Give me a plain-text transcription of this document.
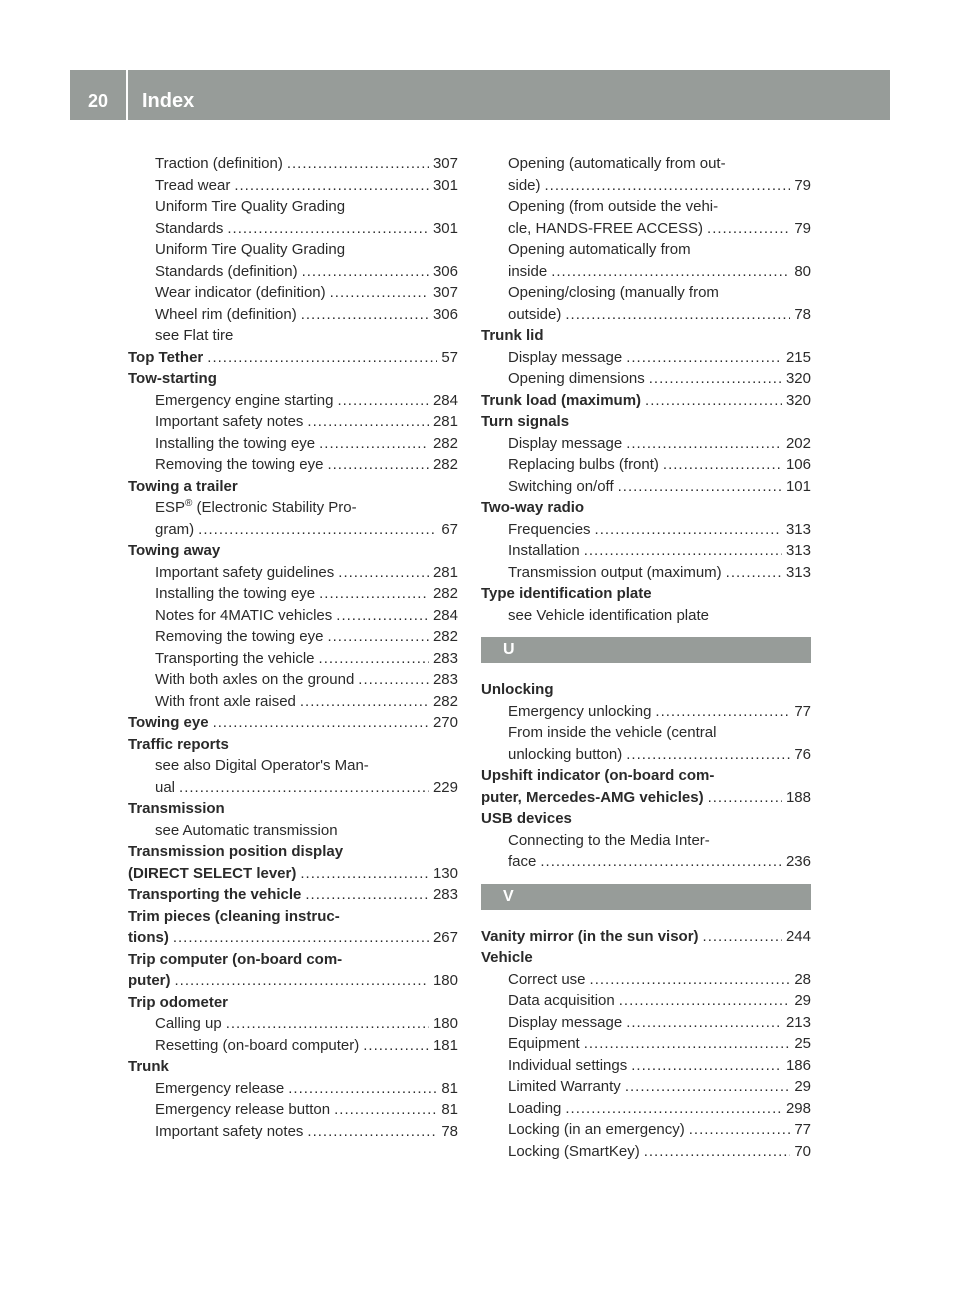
20	Index
Traction (definition) .....	307
Tread wear .....	301
Uniform Tire Quality Grading
Standards .....	301
Uniform Tire Quality Grading
Standards (definition) .....	306
Wear indicator (definition) .....	307
Wheel rim (definition) .....	306
see Flat tire
Top Tether .....	57
Tow-starting
Emergency engine starting .....	284
Important safety notes .....	281
Installing the towing eye .....	282
Removing the towing eye .....	282
Towing a trailer
ESP® (Electronic Stability Pro-
gram) .....	67
Towing away
Important safety guidelines .....	281
Installing the towing eye .....	282
Notes for 4MATIC vehicles .....	284
Removing the towing eye .....	282
Transporting the vehicle .....	283
With both axles on the ground .....	283
With front axle raised .....	282
Towing eye .....	270
Traffic reports
see also Digital Operator's Man-
ual .....	229
Transmission
see Automatic transmission
Transmission position display
(DIRECT SELECT lever) .....	130
Transporting the vehicle .....	283
Trim pieces (cleaning instruc-
tions) .....	267
Trip computer (on-board com-
puter) .....	180
Trip odometer
Calling up .....	180
Resetting (on-board computer) .....	181
Trunk
Emergency release .....	81
Emergency release button .....	81
Important safety notes .....	78
Opening (automatically from out-
side) .....	79
Opening (from outside the vehi-
cle, HANDS-FREE ACCESS) .....	79
Opening automatically from
inside .....	80
Opening/closing (manually from
outside) .....	78
Trunk lid
Display message .....	215
Opening dimensions .....	320
Trunk load (maximum) .....	320
Turn signals
Display message .....	202
Replacing bulbs (front) .....	106
Switching on/off .....	101
Two-way radio
Frequencies .....	313
Installation .....	313
Transmission output (maximum) .....	313
Type identification plate
see Vehicle identification plate
U
Unlocking
Emergency unlocking .....	77
From inside the vehicle (central
unlocking button) .....	76
Upshift indicator (on-board com-
puter, Mercedes-AMG vehicles) .....	188
USB devices
Connecting to the Media Inter-
face .....	236
V
Vanity mirror (in the sun visor) .....	244
Vehicle
Correct use .....	28
Data acquisition .....	29
Display message .....	213
Equipment .....	25
Individual settings .....	186
Limited Warranty .....	29
Loading .....	298
Locking (in an emergency) .....	77
Locking (SmartKey) .....	70
